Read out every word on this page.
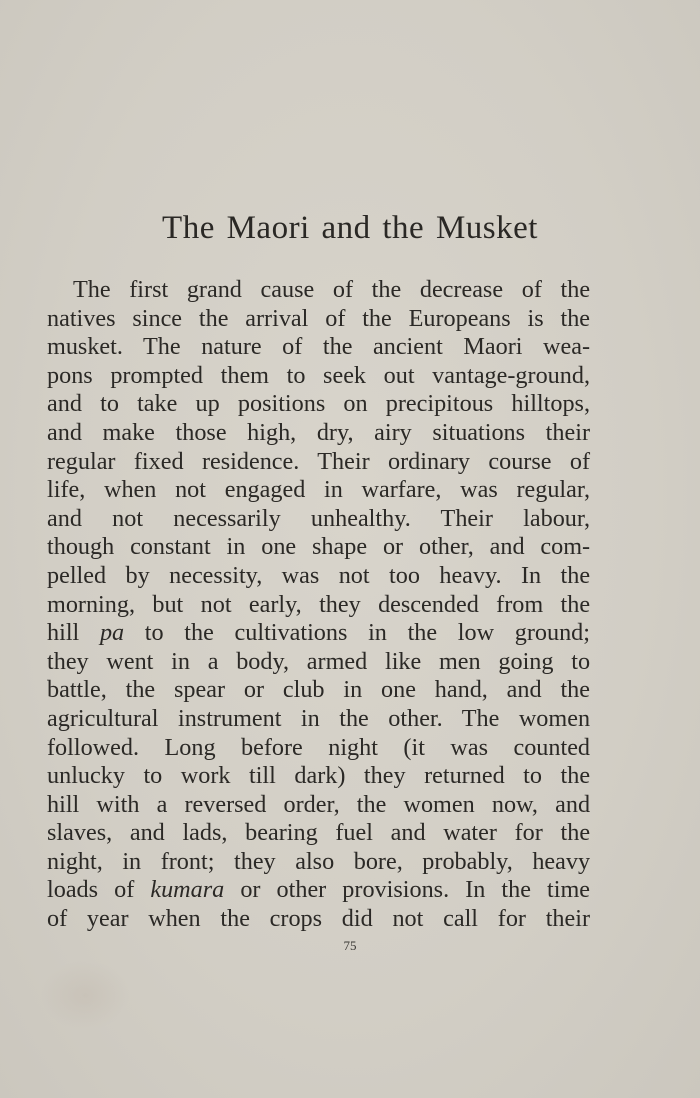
The Maori and the Musket
The first grand cause of the decrease of the
natives since the arrival of the Europeans is the
musket. The nature of the ancient Maori wea-
pons prompted them to seek out vantage-ground,
and to take up positions on precipitous hilltops,
and make those high, dry, airy situations their
regular fixed residence. Their ordinary course of
life, when not engaged in warfare, was regular,
and not necessarily unhealthy. Their labour,
though constant in one shape or other, and com-
pelled by necessity, was not too heavy. In the
morning, but not early, they descended from the
hill pa to the cultivations in the low ground;
they went in a body, armed like men going to
battle, the spear or club in one hand, and the
agricultural instrument in the other. The women
followed. Long before night (it was counted
unlucky to work till dark) they returned to the
hill with a reversed order, the women now, and
slaves, and lads, bearing fuel and water for the
night, in front; they also bore, probably, heavy
loads of kumara or other provisions. In the time
of year when the crops did not call for their
75
